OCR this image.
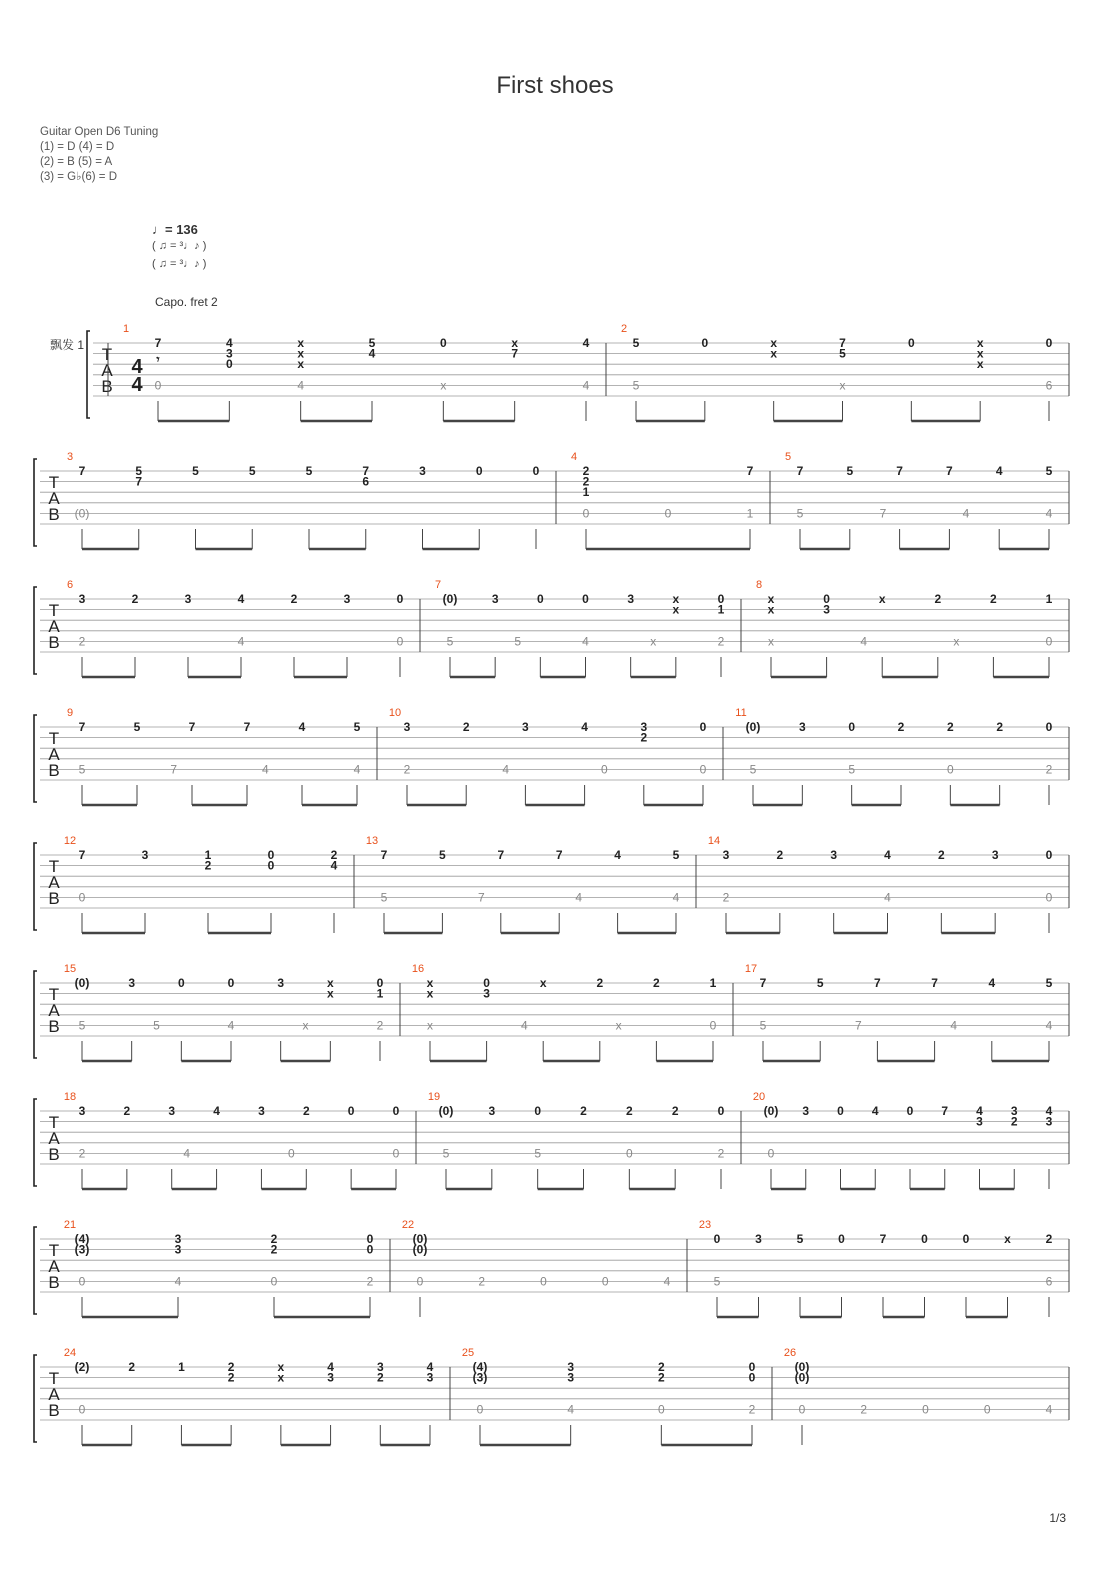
First shoes
Guitar Open D6 Tuning
(1) = D (4) = D
(2) = B (5) = A
(3) = G♭(6) = D
♩= 136
( ♫ = ³♩♪ )
( ♫ = ³♩♪ )
Capo. fret 2
飘发 1
1/3
T
A
B
4
4
1
7
𝄾
4
3
0
x
x
x
5
4
0	x
7
4
0	4	x	4
2
5	0	x
x
7
5
0	x
x
x
0
5	x	6
T
A
B
3
7	5
7
5	5	5	7
6
3	0	0
(0)
4
2
2
1
7
0	0	1
5
7	5	7	7	4	5
5	7	4	4
T
A
B
6
3	2	3	4	2	3	0
2	4	0
7
(0)	3	0	0	3	x
x
0
1
5	5	4	x	2
8
x
x
0
3
x	2	2	1
x	4	x	0
T
A
B
9
7	5	7	7	4	5
5	7	4	4
10
3	2	3	4	3
2
0
2	4	0	0
11
(0)	3	0	2	2	2	0
5	5	0	2
T
A
B
12
7	3	1
2
0
0
2
4
0
13
7	5	7	7	4	5
5	7	4	4
14
3	2	3	4	2	3	0
2	4	0
T
A
B
15
(0)	3	0	0	3	x
x
0
1
5	5	4	x	2
16
x
x
0
3
x	2	2	1
x	4	x	0
17
7	5	7	7	4	5
5	7	4	4
T
A
B
18
3	2	3	4	3	2	0	0
2	4	0	0
19
(0)	3	0	2	2	2	0
5	5	0	2
20
(0) 3 0 4 0 7 4
3
3
2
4
3
0
T
A
B
21
(4)
(3)
3
3
2
2
0
0
0	4	0	2
22
(0)
(0)
0	2	0	0	4
23
0	3	5	0	7	0	0	x	2
5	6
T
A
B
24
(2)	2	1	2
2
x
x
4
3
3
2
4
3
0
25
(4)
(3)
3
3
2
2
0
0
0	4	0	2
26
(0)
(0)
0	2	0	0	4
